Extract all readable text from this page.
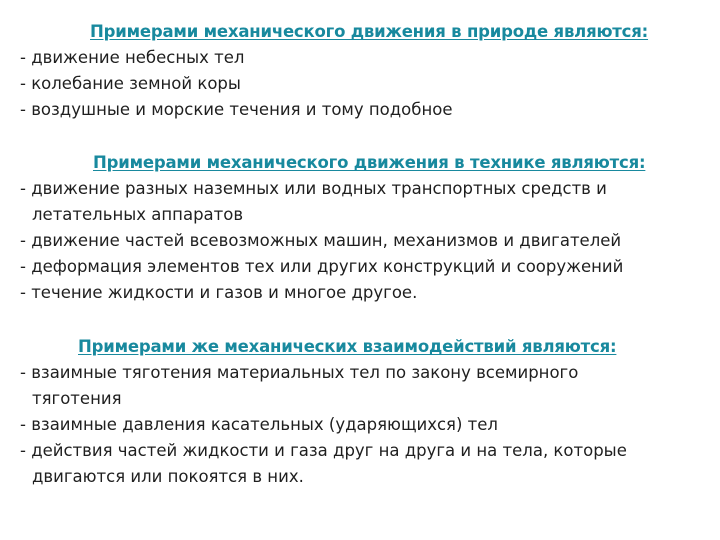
Примерами механического движения в природе являются:
- движение небесных тел
- колебание земной коры
- воздушные и морские течения и тому подобное
Примерами механического движения в технике являются:
- движение разных наземных или водных транспортных средств и летательных аппаратов
- движение частей всевозможных машин, механизмов и двигателей
- деформация элементов тех или других конструкций и сооружений
- течение жидкости и газов и многое другое.
Примерами же механических взаимодействий являются:
- взаимные тяготения материальных тел по закону всемирного тяготения
- взаимные давления касательных (ударяющихся) тел
- действия частей жидкости и газа друг на друга и на тела, которые двигаются или покоятся в них.
